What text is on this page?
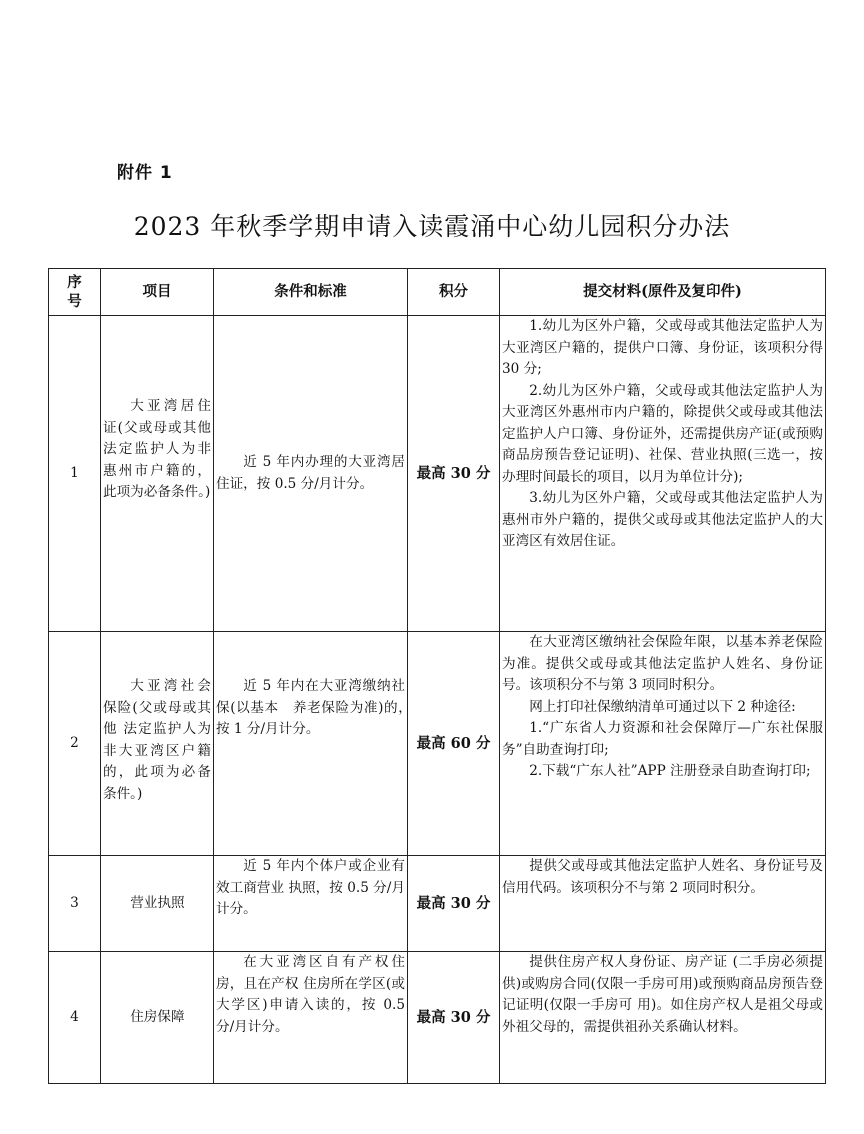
附件 1
2023 年秋季学期申请入读霞涌中心幼儿园积分办法
序号	项目	条件和标准	积分	提交材料(原件及复印件)
1	大亚湾居住证(父或母或其他法定监护人为非惠州市户籍的，此项为必备条件。)	近 5 年内办理的大亚湾居住证，按 0.5 分/月计分。	最高 30 分	1.幼儿为区外户籍，父或母或其他法定监护人为大亚湾区户籍的，提供户口簿、身份证，该项积分得 30 分;
2.幼儿为区外户籍，父或母或其他法定监护人为大亚湾区外惠州市内户籍的，除提供父或母或其他法定监护人户口簿、身份证外，还需提供房产证(或预购商品房预告登记证明)、社保、营业执照(三选一，按办理时间最长的项目，以月为单位计分);
3.幼儿为区外户籍，父或母或其他法定监护人为惠州市外户籍的，提供父或母或其他法定监护人的大亚湾区有效居住证。

2	大亚湾社会保险(父或母或其他 法定监护人为非大亚湾区户籍的，此项为必备条件。)	近 5 年内在大亚湾缴纳社保(以基本　养老保险为准)的，　按 1 分/月计分。	最高 60 分	在大亚湾区缴纳社会保险年限，以基本养老保险为准。提供父或母或其他法定监护人姓名、身份证号。该项积分不与第 3 项同时积分。
网上打印社保缴纳清单可通过以下 2 种途径:
1.“广东省人力资源和社会保障厅—广东社保服务”自助查询打印;
2.下载“广东人社”APP 注册登录自助查询打印;

3	营业执照	近 5 年内个体户或企业有效工商营业 执照，按 0.5 分/月计分。	最高 30 分	提供父或母或其他法定监护人姓名、身份证号及信用代码。该项积分不与第 2 项同时积分。

4	住房保障	在大亚湾区自有产权住房，且在产权 住房所在学区(或大学区)申请入读的，按 0.5 分/月计分。	最高 30 分	提供住房产权人身份证、房产证 (二手房必须提供)或购房合同(仅限一手房可用)或预购商品房预告登记证明(仅限一手房可 用)。如住房产权人是祖父母或外祖父母的，需提供祖孙关系确认材料。
